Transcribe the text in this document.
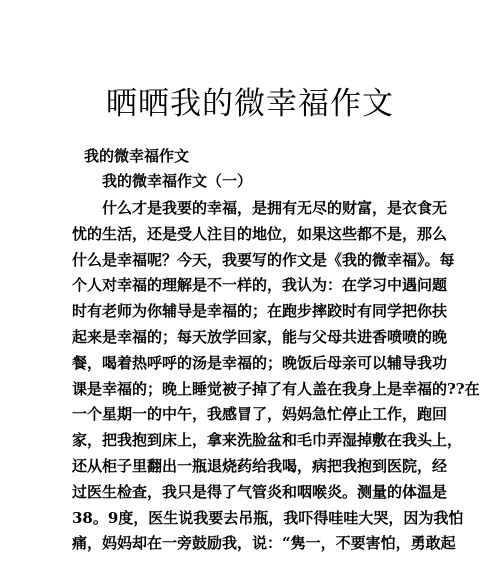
晒晒我的微幸福作文
我的微幸福作文
我的微幸福作文（一）
什么才是我要的幸福，是拥有无尽的财富，是衣食无
忧的生活，还是受人注目的地位，如果这些都不是，那么
什么是幸福呢？今天，我要写的作文是《我的微幸福》。每
个人对幸福的理解是不一样的，我认为：在学习中遇问题
时有老师为你辅导是幸福的；在跑步摔跤时有同学把你扶
起来是幸福的；每天放学回家，能与父母共进香喷喷的晚
餐，喝着热呼呼的汤是幸福的；晚饭后母亲可以辅导我功
课是幸福的；晚上睡觉被子掉了有人盖在我身上是幸福的??在
一个星期一的中午，我感冒了，妈妈急忙停止工作，跑回
家，把我抱到床上，拿来洗脸盆和毛巾弄湿掉敷在我头上，
还从柜子里翻出一瓶退烧药给我喝，病把我抱到医院，经
过医生检查，我只是得了气管炎和咽喉炎。测量的体温是
38。9度，医生说我要去吊瓶，我吓得哇哇大哭，因为我怕
痛，妈妈却在一旁鼓励我，说：“隽一，不要害怕，勇敢起
